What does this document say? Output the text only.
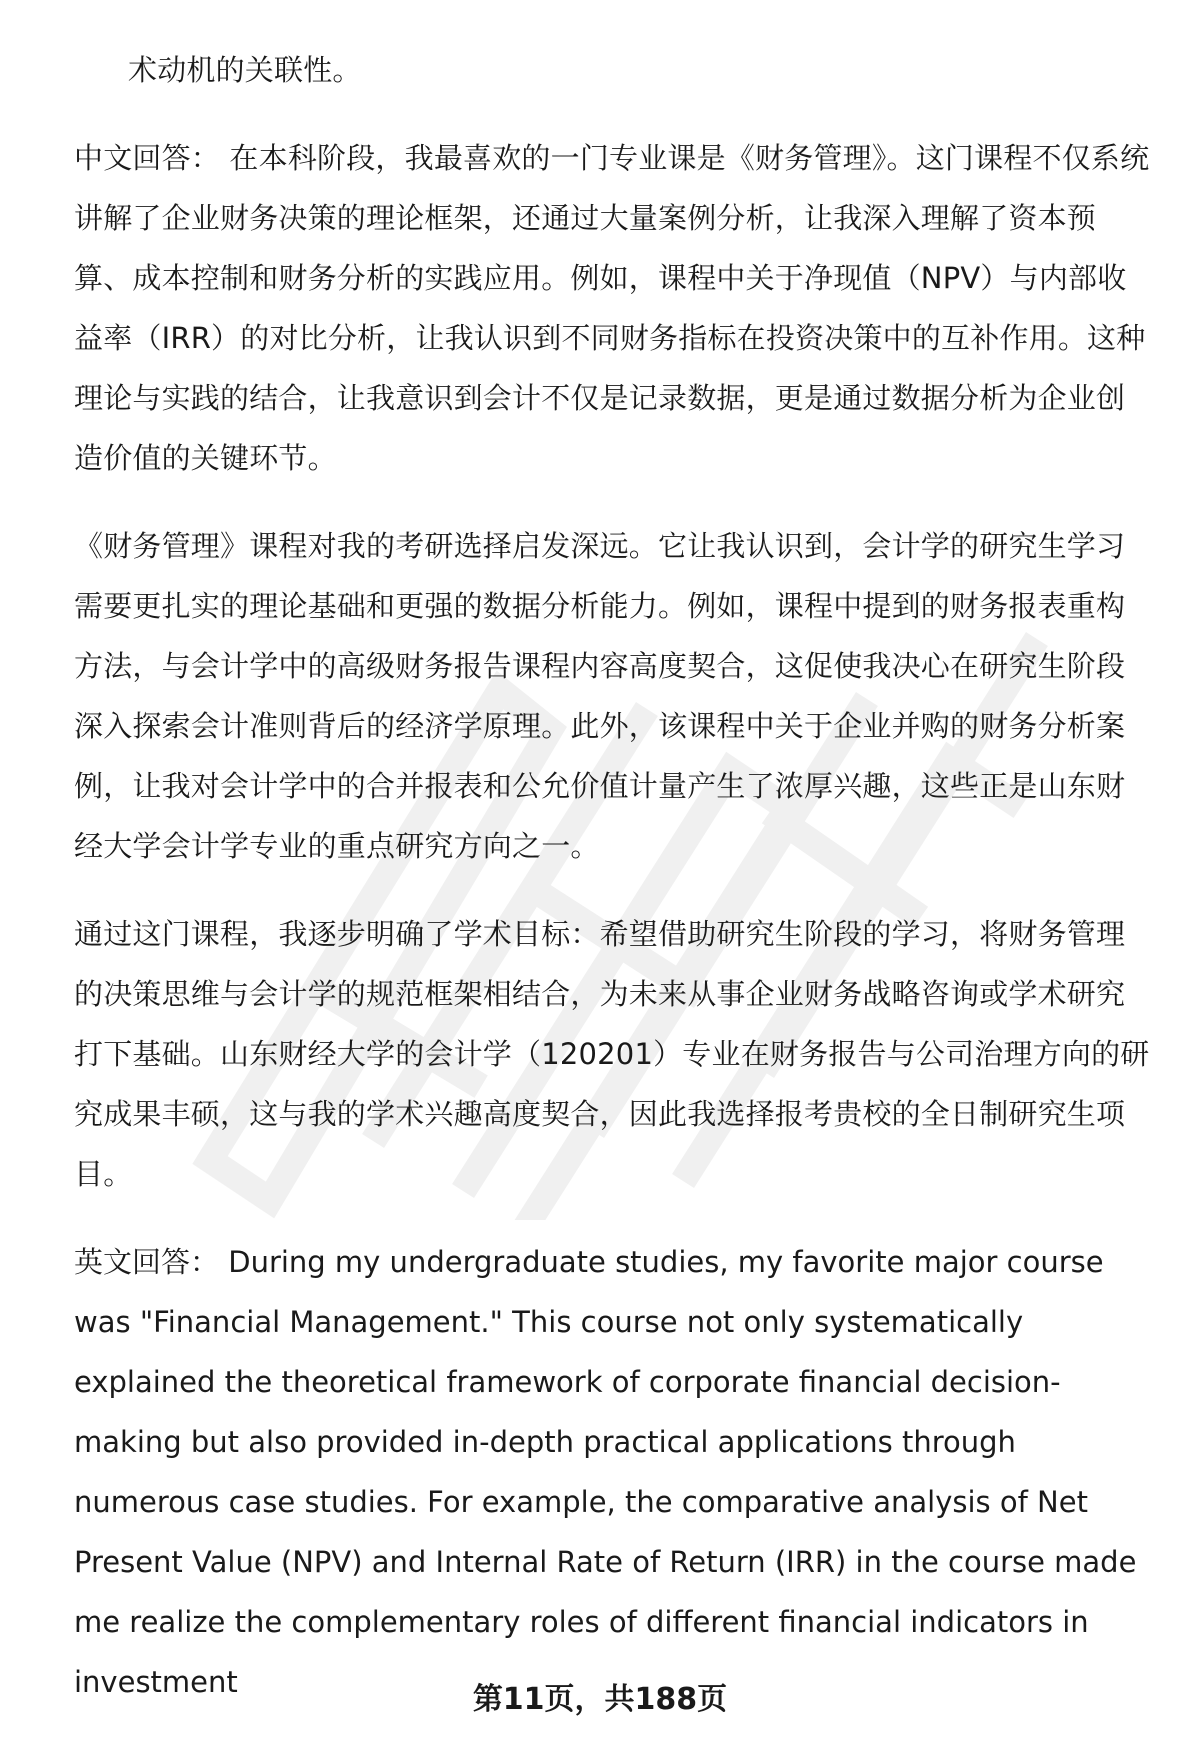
术动机的关联性。

中文回答： 在本科阶段，我最喜欢的一门专业课是《财务管理》。这门课程不仅系统讲解了企业财务决策的理论框架，还通过大量案例分析，让我深入理解了资本预算、成本控制和财务分析的实践应用。例如，课程中关于净现值（NPV）与内部收益率（IRR）的对比分析，让我认识到不同财务指标在投资决策中的互补作用。这种理论与实践的结合，让我意识到会计不仅是记录数据，更是通过数据分析为企业创造价值的关键环节。

《财务管理》课程对我的考研选择启发深远。它让我认识到，会计学的研究生学习需要更扎实的理论基础和更强的数据分析能力。例如，课程中提到的财务报表重构方法，与会计学中的高级财务报告课程内容高度契合，这促使我决心在研究生阶段深入探索会计准则背后的经济学原理。此外，该课程中关于企业并购的财务分析案例，让我对会计学中的合并报表和公允价值计量产生了浓厚兴趣，这些正是山东财经大学会计学专业的重点研究方向之一。

通过这门课程，我逐步明确了学术目标：希望借助研究生阶段的学习，将财务管理的决策思维与会计学的规范框架相结合，为未来从事企业财务战略咨询或学术研究打下基础。山东财经大学的会计学（120201）专业在财务报告与公司治理方向的研究成果丰硕，这与我的学术兴趣高度契合，因此我选择报考贵校的全日制研究生项目。

英文回答： During my undergraduate studies, my favorite major course was "Financial Management." This course not only systematically explained the theoretical framework of corporate financial decision-making but also provided in-depth practical applications through numerous case studies. For example, the comparative analysis of Net Present Value (NPV) and Internal Rate of Return (IRR) in the course made me realize the complementary roles of different financial indicators in investment	第11页，共188页
